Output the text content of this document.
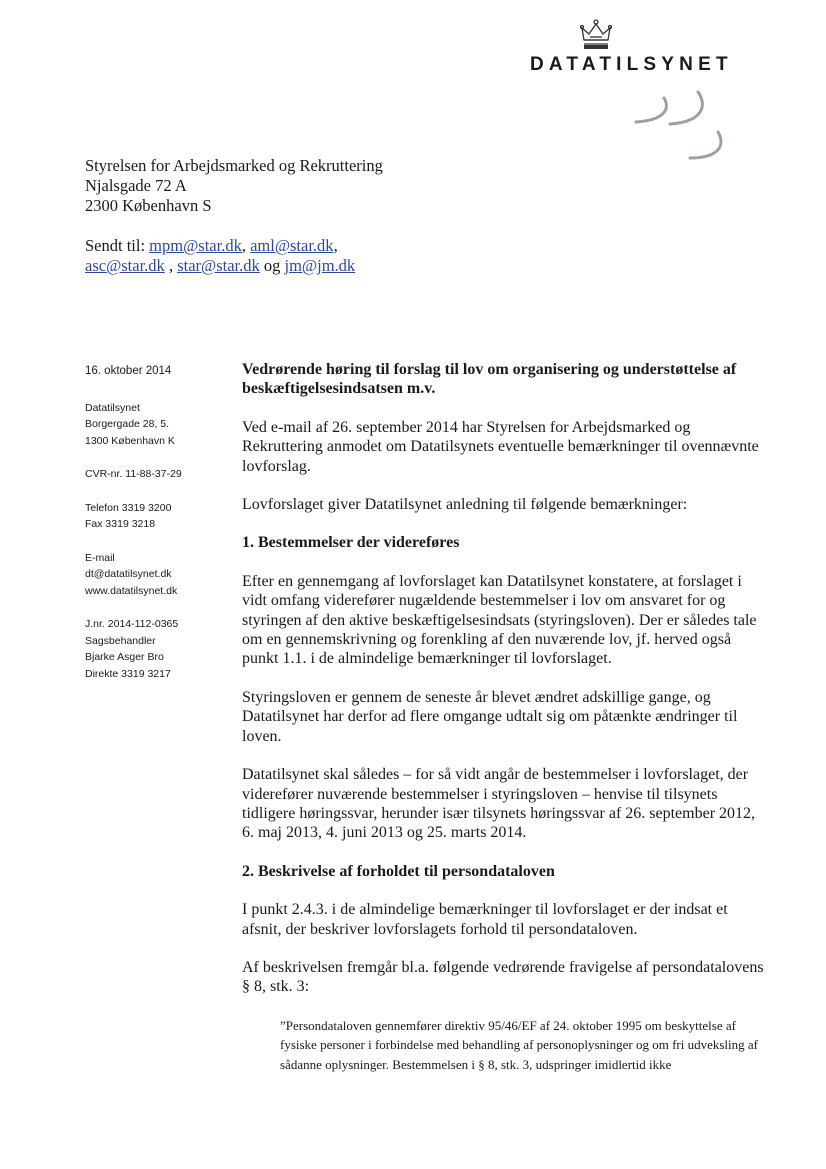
DATATILSYNET
Styrelsen for Arbejdsmarked og Rekruttering
Njalsgade 72 A
2300 København S
Sendt til: mpm@star.dk, aml@star.dk,
asc@star.dk , star@star.dk og jm@jm.dk
16. oktober 2014
Datatilsynet
Borgergade 28, 5.
1300 København K
CVR-nr. 11-88-37-29
Telefon 3319 3200
Fax 3319 3218
E-mail
dt@datatilsynet.dk
www.datatilsynet.dk
J.nr. 2014-112-0365
Sagsbehandler
Bjarke Asger Bro
Direkte 3319 3217

Vedrørende høring til forslag til lov om organisering og understøttelse af beskæftigelsesindsatsen m.v.

Ved e-mail af 26. september 2014 har Styrelsen for Arbejdsmarked og Rekruttering anmodet om Datatilsynets eventuelle bemærkninger til ovennævnte lovforslag.

Lovforslaget giver Datatilsynet anledning til følgende bemærkninger:

1. Bestemmelser der videreføres

Efter en gennemgang af lovforslaget kan Datatilsynet konstatere, at forslaget i vidt omfang viderefører nugældende bestemmelser i lov om ansvaret for og styringen af den aktive beskæftigelsesindsats (styringsloven). Der er således tale om en gennemskrivning og forenkling af den nuværende lov, jf. herved også punkt 1.1. i de almindelige bemærkninger til lovforslaget.

Styringsloven er gennem de seneste år blevet ændret adskillige gange, og Datatilsynet har derfor ad flere omgange udtalt sig om påtænkte ændringer til loven.

Datatilsynet skal således – for så vidt angår de bestemmelser i lovforslaget, der viderefører nuværende bestemmelser i styringsloven – henvise til tilsynets tidligere høringssvar, herunder især tilsynets høringssvar af 26. september 2012, 6. maj 2013, 4. juni 2013 og 25. marts 2014.

2. Beskrivelse af forholdet til persondataloven

I punkt 2.4.3. i de almindelige bemærkninger til lovforslaget er der indsat et afsnit, der beskriver lovforslagets forhold til persondataloven.

Af beskrivelsen fremgår bl.a. følgende vedrørende fravigelse af persondatalovens § 8, stk. 3:

”Persondataloven gennemfører direktiv 95/46/EF af 24. oktober 1995 om beskyttelse af fysiske personer i forbindelse med behandling af personoplysninger og om fri udveksling af sådanne oplysninger. Bestemmelsen i § 8, stk. 3, udspringer imidlertid ikke
